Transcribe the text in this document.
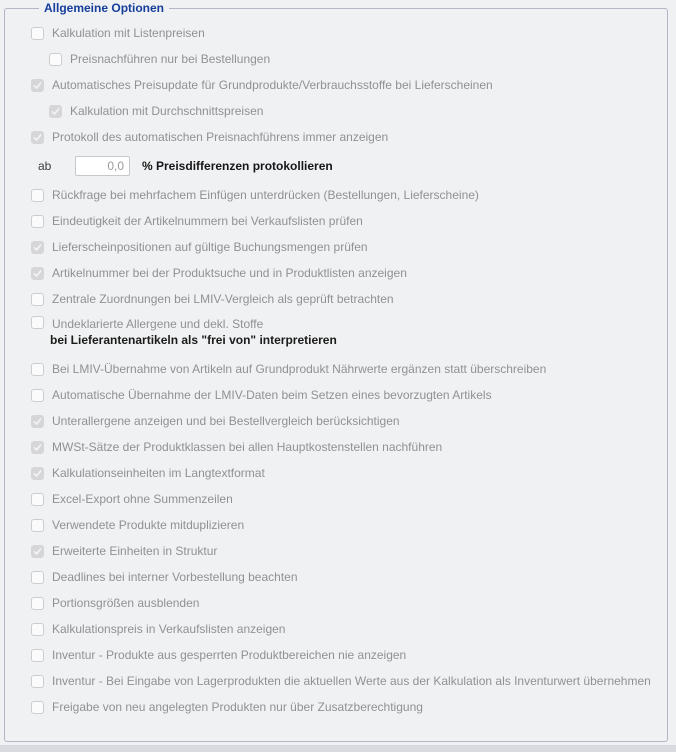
Allgemeine Optionen
Kalkulation mit Listenpreisen
Preisnachführen nur bei Bestellungen
Automatisches Preisupdate für Grundprodukte/Verbrauchsstoffe bei Lieferscheinen
Kalkulation mit Durchschnittspreisen
Protokoll des automatischen Preisnachführens immer anzeigen
ab
0,0	% Preisdifferenzen protokollieren
Rückfrage bei mehrfachem Einfügen unterdrücken (Bestellungen, Lieferscheine)
Eindeutigkeit der Artikelnummern bei Verkaufslisten prüfen
Lieferscheinpositionen auf gültige Buchungsmengen prüfen
Artikelnummer bei der Produktsuche und in Produktlisten anzeigen
Zentrale Zuordnungen bei LMIV-Vergleich als geprüft betrachten
Undeklarierte Allergene und dekl. Stoffe
bei Lieferantenartikeln als "frei von" interpretieren
Bei LMIV-Übernahme von Artikeln auf Grundprodukt Nährwerte ergänzen statt überschreiben
Automatische Übernahme der LMIV-Daten beim Setzen eines bevorzugten Artikels
Unterallergene anzeigen und bei Bestellvergleich berücksichtigen
MWSt-Sätze der Produktklassen bei allen Hauptkostenstellen nachführen
Kalkulationseinheiten im Langtextformat
Excel-Export ohne Summenzeilen
Verwendete Produkte mitduplizieren
Erweiterte Einheiten in Struktur
Deadlines bei interner Vorbestellung beachten
Portionsgrößen ausblenden
Kalkulationspreis in Verkaufslisten anzeigen
Inventur - Produkte aus gesperrten Produktbereichen nie anzeigen
Inventur - Bei Eingabe von Lagerprodukten die aktuellen Werte aus der Kalkulation als Inventurwert übernehmen
Freigabe von neu angelegten Produkten nur über Zusatzberechtigung
